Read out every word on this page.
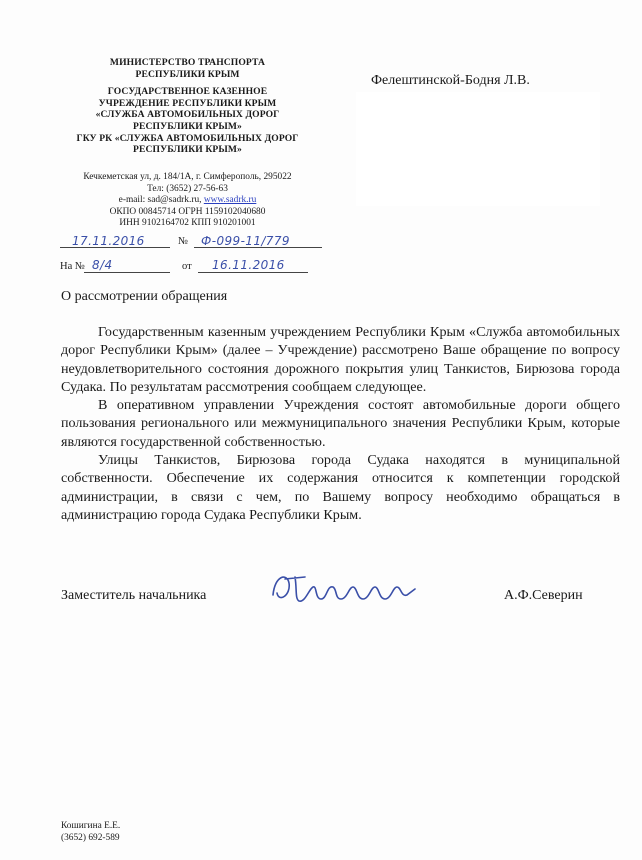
МИНИСТЕРСТВО ТРАНСПОРТА
РЕСПУБЛИКИ КРЫМ
ГОСУДАРСТВЕННОЕ КАЗЕННОЕ
УЧРЕЖДЕНИЕ РЕСПУБЛИКИ КРЫМ
«СЛУЖБА АВТОМОБИЛЬНЫХ ДОРОГ
РЕСПУБЛИКИ КРЫМ»
ГКУ РК «СЛУЖБА АВТОМОБИЛЬНЫХ ДОРОГ
РЕСПУБЛИКИ КРЫМ»
Кечкеметская ул, д. 184/1А, г. Симферополь, 295022
Тел: (3652) 27-56-63
e-mail: sad@sadrk.ru, www.sadrk.ru
ОКПО 00845714 ОГРН 1159102040680
ИНН 9102164702 КПП 910201001
17.11.2016	№ Ф-099-11/779
На № 8/4	от 16.11.2016
Фелештинской-Бодня Л.В.
О рассмотрении обращения

Государственным казенным учреждением Республики Крым «Служба автомобильных дорог Республики Крым» (далее – Учреждение) рассмотрено Ваше обращение по вопросу неудовлетворительного состояния дорожного покрытия улиц Танкистов, Бирюзова города Судака. По результатам рассмотрения сообщаем следующее.

В оперативном управлении Учреждения состоят автомобильные дороги общего пользования регионального или межмуниципального значения Республики Крым, которые являются государственной собственностью.

Улицы Танкистов, Бирюзова города Судака находятся в муниципальной собственности. Обеспечение их содержания относится к компетенции городской администрации, в связи с чем, по Вашему вопросу необходимо обращаться в администрацию города Судака Республики Крым.

Заместитель начальника	А.Ф.Северин
Кошигина Е.Е.
(3652) 692-589
